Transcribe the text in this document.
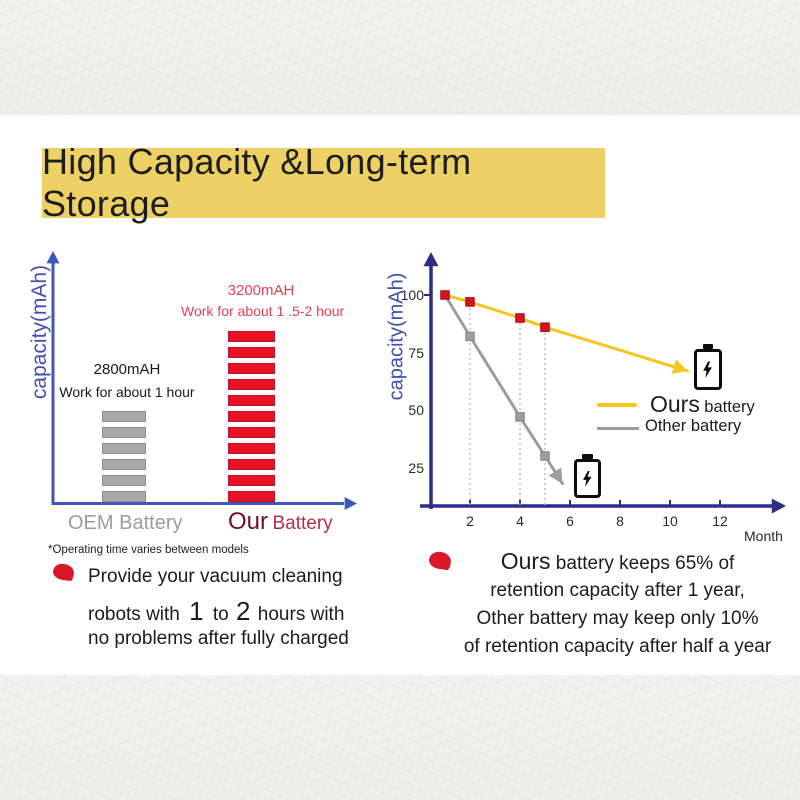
High Capacity &Long-term Storage
capacity(mAh)	2800mAH
Work for about 1 hour
3200mAH
Work for about 1 .5-2 hour
OEM Battery Our Battery
*Operating time varies between models
Provide your vacuum cleaning
robots with 1 to 2 hours with
no problems after fully charged
capacity(mAh)
100
75
50
25
2	4	6	8	10	12
Month
Ours battery
Other battery
Ours battery keeps 65% of
retention capacity after 1 year,
Other battery may keep only 10%
of retention capacity after half a year
